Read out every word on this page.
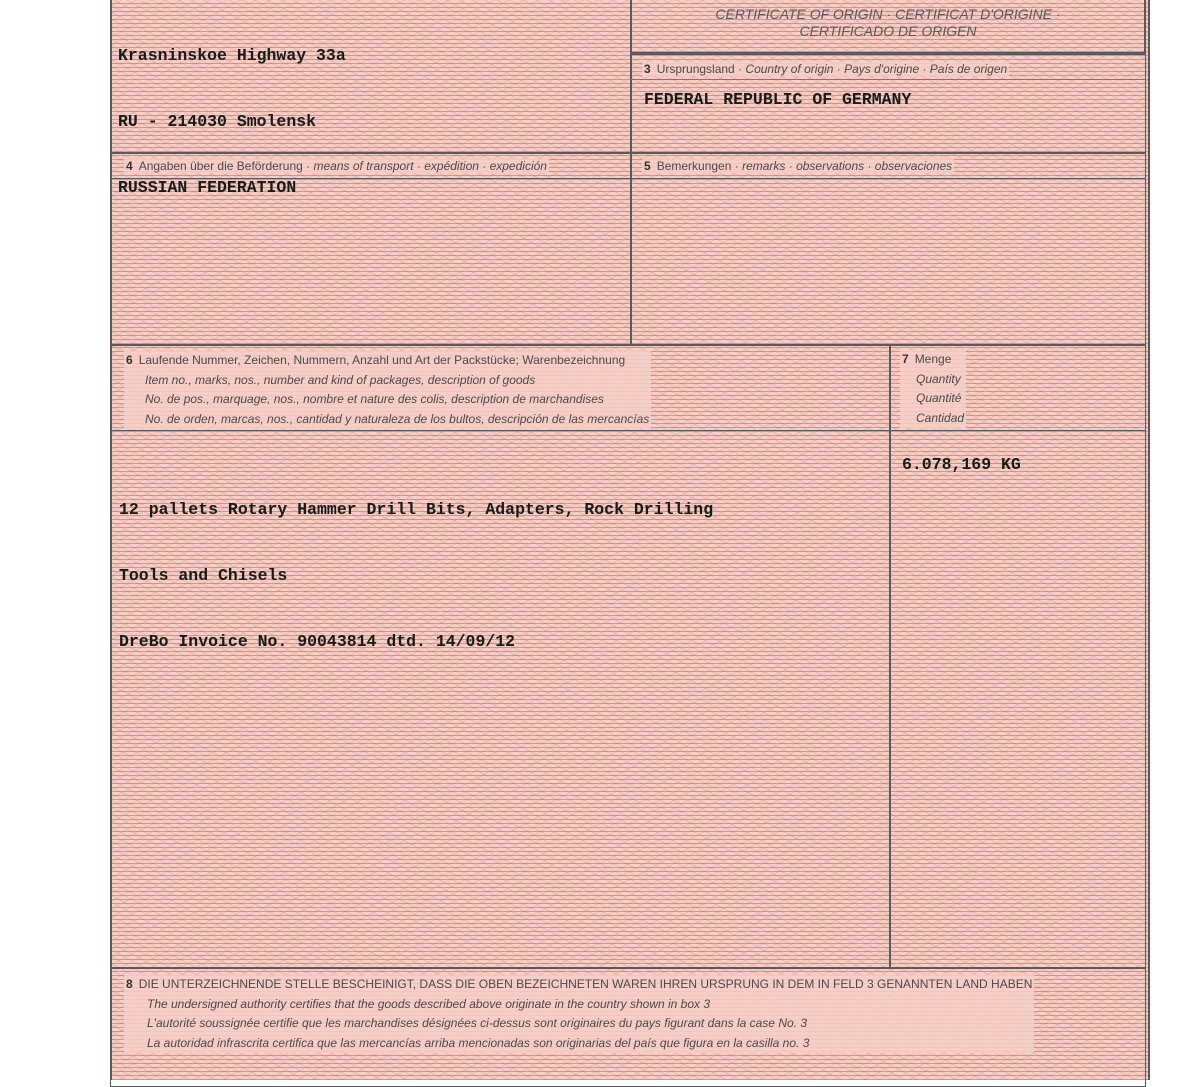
Krasninskoe Highway 33a

RU - 214030 Smolensk

RUSSIAN FEDERATION

CERTIFICATE OF ORIGIN · CERTIFICAT D'ORIGINE ·
CERTIFICADO DE ORIGEN
3 Ursprungsland · Country of origin · Pays d'origine · País de origen
FEDERAL REPUBLIC OF GERMANY
4 Angaben über die Beförderung · means of transport · expédition · expedición	5 Bemerkungen · remarks · observations · observaciones
6 Laufende Nummer, Zeichen, Nummern, Anzahl und Art der Packstücke; Warenbezeichnung
Item no., marks, nos., number and kind of packages, description of goods
No. de pos., marquage, nos., nombre et nature des colis, description de marchandises
No. de orden, marcas, nos., cantidad y naturaleza de los bultos, descripción de las mercancías

12 pallets Rotary Hammer Drill Bits, Adapters, Rock Drilling

Tools and Chisels

DreBo Invoice No. 90043814 dtd. 14/09/12

7 Menge
Quantity
Quantité
Cantidad
6.078,169 KG
8 DIE UNTERZEICHNENDE STELLE BESCHEINIGT, DASS DIE OBEN BEZEICHNETEN WAREN IHREN URSPRUNG IN DEM IN FELD 3 GENANNTEN LAND HABEN
The undersigned authority certifies that the goods described above originate in the country shown in box 3
L'autorité soussignée certifie que les marchandises désignées ci-dessus sont originaires du pays figurant dans la case No. 3
La autoridad infrascrita certifica que las mercancías arriba mencionadas son originarias del país que figura en la casilla no. 3
